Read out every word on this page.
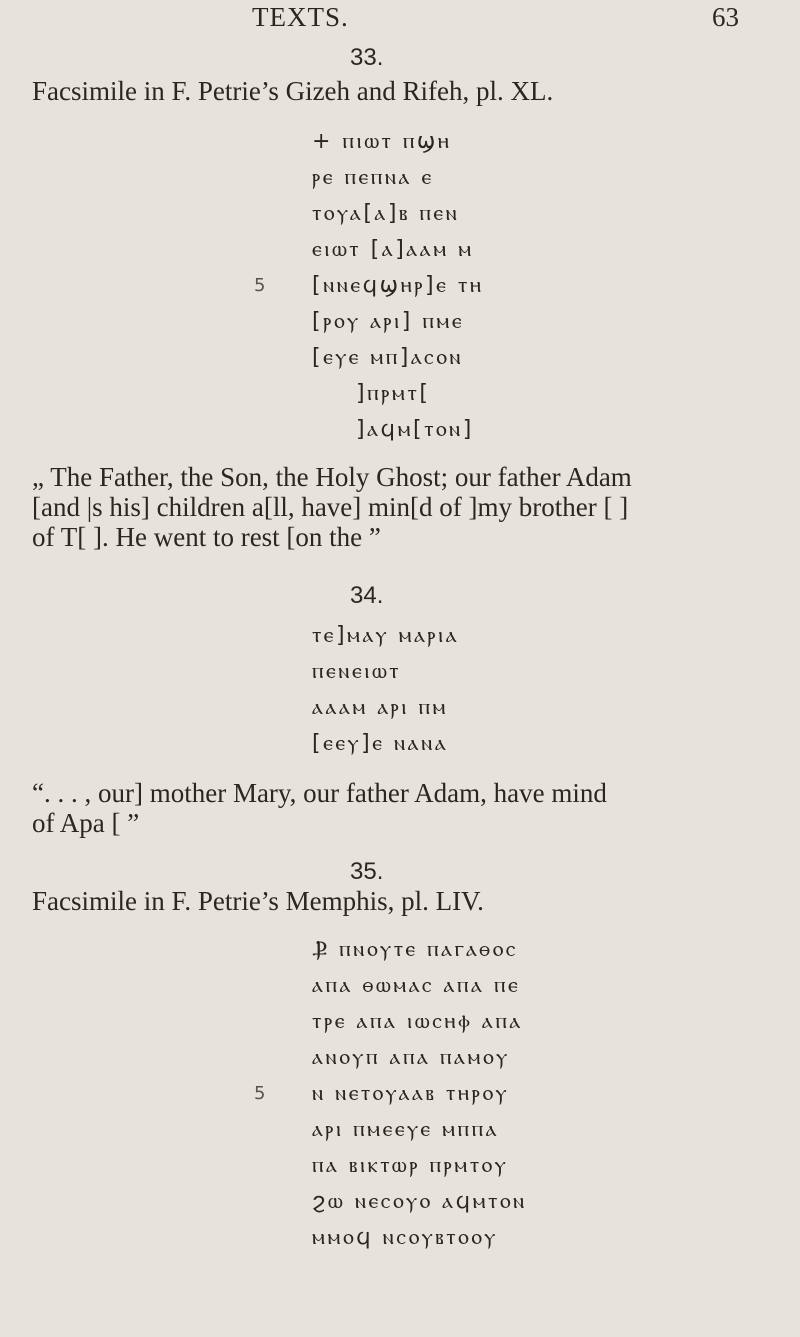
TEXTS.	63
33.
Facsimile in F. Petrie’s Gizeh and Rifeh, pl. XL.
+ ⲡⲓⲱⲧ ⲡϣⲏ
ⲣⲉ ⲡⲉⲡⲛⲁ ⲉ
ⲧⲟⲩⲁ[ⲁ]ⲃ ⲡⲉⲛ
ⲉⲓⲱⲧ [ⲁ]ⲁⲁⲙ ⲙ
5 [ⲛⲛⲉϥϣⲏⲣ]ⲉ ⲧⲏ
[ⲣⲟⲩ ⲁⲣⲓ] ⲡⲙⲉ
[ⲉⲩⲉ ⲙⲡ]ⲁⲥⲟⲛ
]ⲡⲣⲙⲧ[
]ⲁϥⲙ[ⲧⲟⲛ]
„ The Father, the Son, the Holy Ghost; our father Adam
[and |s his] children a[ll, have] min[d of ]my brother [ ]
of T[ ]. He went to rest [on the ”
34.
ⲧⲉ]ⲙⲁⲩ ⲙⲁⲣⲓⲁ
ⲡⲉⲛⲉⲓⲱⲧ
ⲁⲁⲁⲙ ⲁⲣⲓ ⲡⲙ
[ⲉⲉⲩ]ⲉ ⲛⲁⲛⲁ
“. . . , our] mother Mary, our father Adam, have mind
of Apa [ ”
35.
Facsimile in F. Petrie’s Memphis, pl. LIV.
Ⳁ ⲡⲛⲟⲩⲧⲉ ⲡⲁⲅⲁⲑⲟⲥ
ⲁⲡⲁ ⲑⲱⲙⲁⲥ ⲁⲡⲁ ⲡⲉ
ⲧⲣⲉ ⲁⲡⲁ ⲓⲱⲥⲏⲫ ⲁⲡⲁ
ⲁⲛⲟⲩⲡ ⲁⲡⲁ ⲡⲁⲙⲟⲩ
5 ⲛ ⲛⲉⲧⲟⲩⲁⲁⲃ ⲧⲏⲣⲟⲩ
ⲁⲣⲓ ⲡⲙⲉⲉⲩⲉ ⲙⲡⲡⲁ
ⲡⲁ ⲃⲓⲕⲧⲱⲣ ⲡⲣⲙⲧⲟⲩ
ϩⲱ ⲛⲉⲥⲟⲩⲟ ⲁϥⲙⲧⲟⲛ
ⲙⲙⲟϥ ⲛⲥⲟⲩⲃⲧⲟⲟⲩ
